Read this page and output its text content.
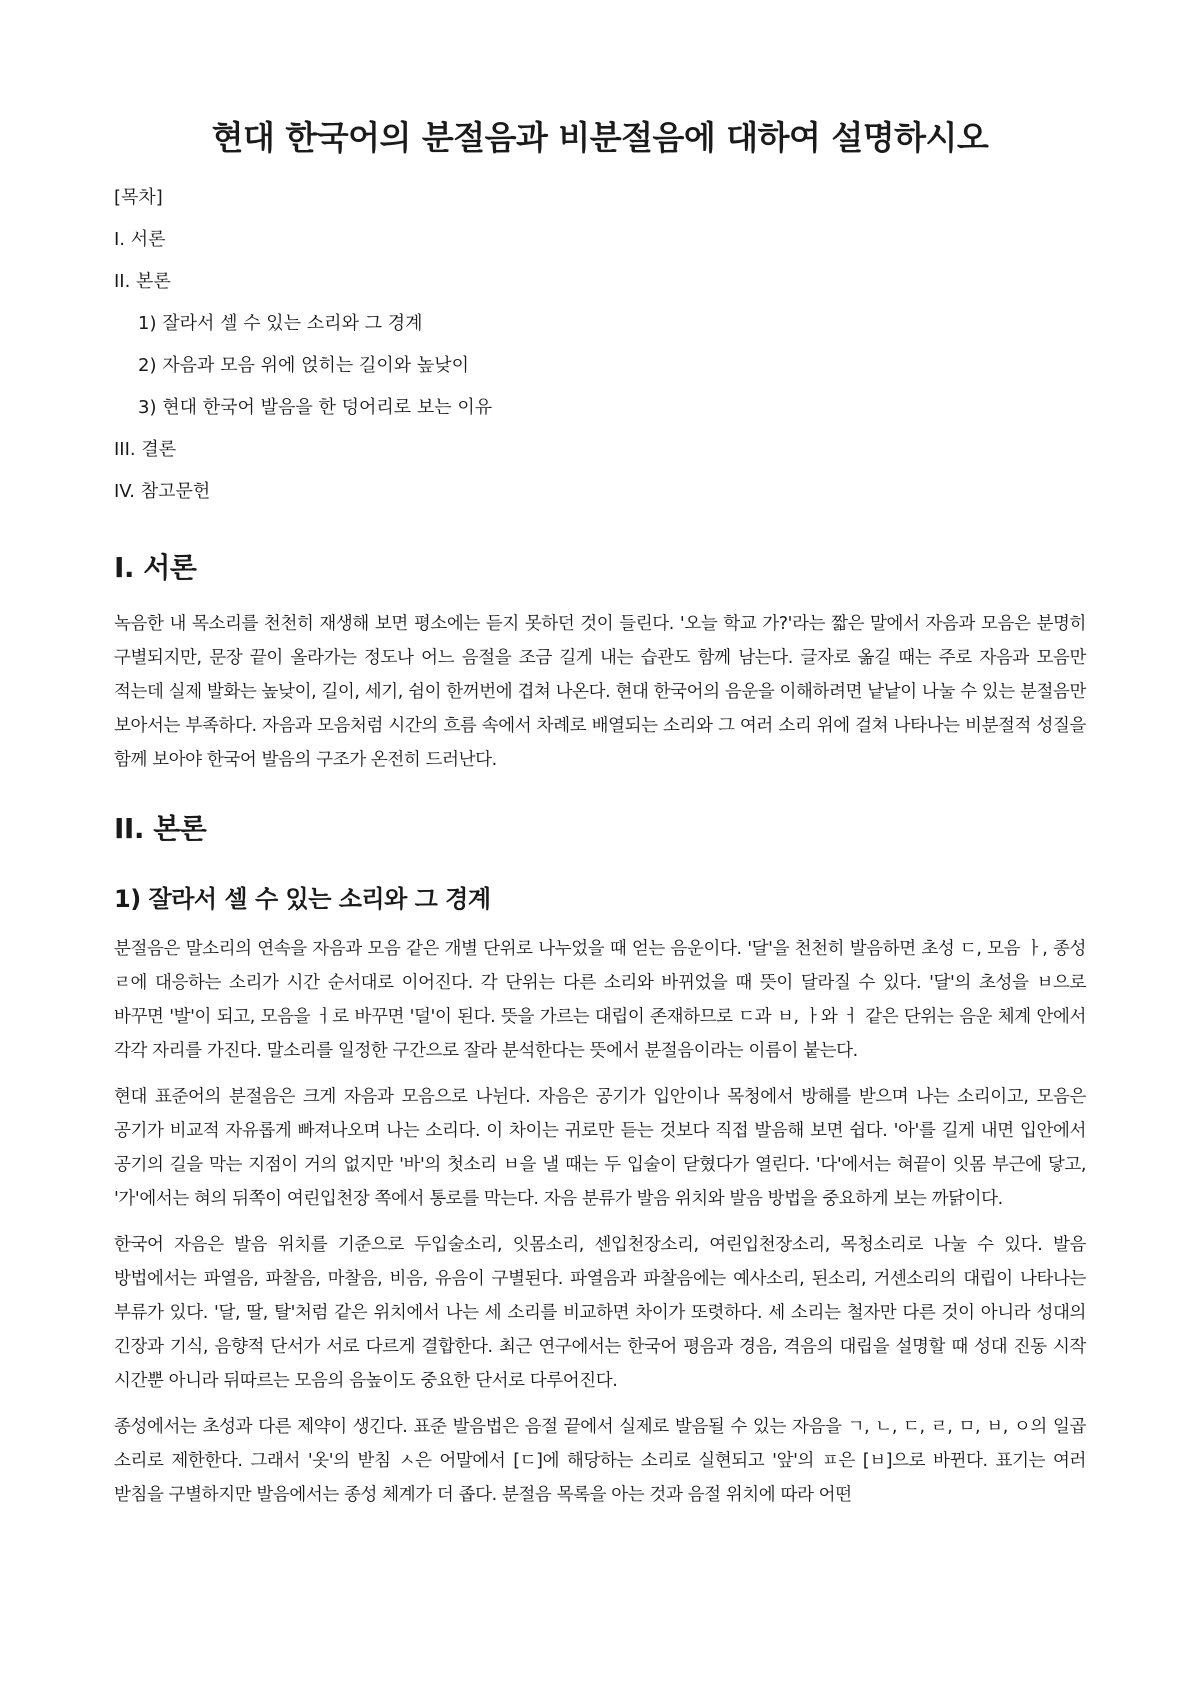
현대 한국어의 분절음과 비분절음에 대하여 설명하시오
[목차]
I. 서론
II. 본론
1) 잘라서 셀 수 있는 소리와 그 경계
2) 자음과 모음 위에 얹히는 길이와 높낮이
3) 현대 한국어 발음을 한 덩어리로 보는 이유
III. 결론
IV. 참고문헌
I. 서론

녹음한 내 목소리를 천천히 재생해 보면 평소에는 듣지 못하던 것이 들린다. '오늘 학교 가?'라는 짧은 말에서 자음과 모음은 분명히 구별되지만, 문장 끝이 올라가는 정도나 어느 음절을 조금 길게 내는 습관도 함께 남는다. 글자로 옮길 때는 주로 자음과 모음만 적는데 실제 발화는 높낮이, 길이, 세기, 쉼이 한꺼번에 겹쳐 나온다. 현대 한국어의 음운을 이해하려면 낱낱이 나눌 수 있는 분절음만 보아서는 부족하다. 자음과 모음처럼 시간의 흐름 속에서 차례로 배열되는 소리와 그 여러 소리 위에 걸쳐 나타나는 비분절적 성질을 함께 보아야 한국어 발음의 구조가 온전히 드러난다.

II. 본론
1) 잘라서 셀 수 있는 소리와 그 경계

분절음은 말소리의 연속을 자음과 모음 같은 개별 단위로 나누었을 때 얻는 음운이다. '달'을 천천히 발음하면 초성 ㄷ, 모음 ㅏ, 종성 ㄹ에 대응하는 소리가 시간 순서대로 이어진다. 각 단위는 다른 소리와 바뀌었을 때 뜻이 달라질 수 있다. '달'의 초성을 ㅂ으로 바꾸면 '발'이 되고, 모음을 ㅓ로 바꾸면 '덜'이 된다. 뜻을 가르는 대립이 존재하므로 ㄷ과 ㅂ, ㅏ와 ㅓ 같은 단위는 음운 체계 안에서 각각 자리를 가진다. 말소리를 일정한 구간으로 잘라 분석한다는 뜻에서 분절음이라는 이름이 붙는다.

현대 표준어의 분절음은 크게 자음과 모음으로 나뉜다. 자음은 공기가 입안이나 목청에서 방해를 받으며 나는 소리이고, 모음은 공기가 비교적 자유롭게 빠져나오며 나는 소리다. 이 차이는 귀로만 듣는 것보다 직접 발음해 보면 쉽다. '아'를 길게 내면 입안에서 공기의 길을 막는 지점이 거의 없지만 '바'의 첫소리 ㅂ을 낼 때는 두 입술이 닫혔다가 열린다. '다'에서는 혀끝이 잇몸 부근에 닿고, '가'에서는 혀의 뒤쪽이 여린입천장 쪽에서 통로를 막는다. 자음 분류가 발음 위치와 발음 방법을 중요하게 보는 까닭이다.

한국어 자음은 발음 위치를 기준으로 두입술소리, 잇몸소리, 센입천장소리, 여린입천장소리, 목청소리로 나눌 수 있다. 발음 방법에서는 파열음, 파찰음, 마찰음, 비음, 유음이 구별된다. 파열음과 파찰음에는 예사소리, 된소리, 거센소리의 대립이 나타나는 부류가 있다. '달, 딸, 탈'처럼 같은 위치에서 나는 세 소리를 비교하면 차이가 또렷하다. 세 소리는 철자만 다른 것이 아니라 성대의 긴장과 기식, 음향적 단서가 서로 다르게 결합한다. 최근 연구에서는 한국어 평음과 경음, 격음의 대립을 설명할 때 성대 진동 시작 시간뿐 아니라 뒤따르는 모음의 음높이도 중요한 단서로 다루어진다.

종성에서는 초성과 다른 제약이 생긴다. 표준 발음법은 음절 끝에서 실제로 발음될 수 있는 자음을 ㄱ, ㄴ, ㄷ, ㄹ, ㅁ, ㅂ, ㅇ의 일곱 소리로 제한한다. 그래서 '옷'의 받침 ㅅ은 어말에서 [ㄷ]에 해당하는 소리로 실현되고 '앞'의 ㅍ은 [ㅂ]으로 바뀐다. 표기는 여러 받침을 구별하지만 발음에서는 종성 체계가 더 좁다. 분절음 목록을 아는 것과 음절 위치에 따라 어떤
